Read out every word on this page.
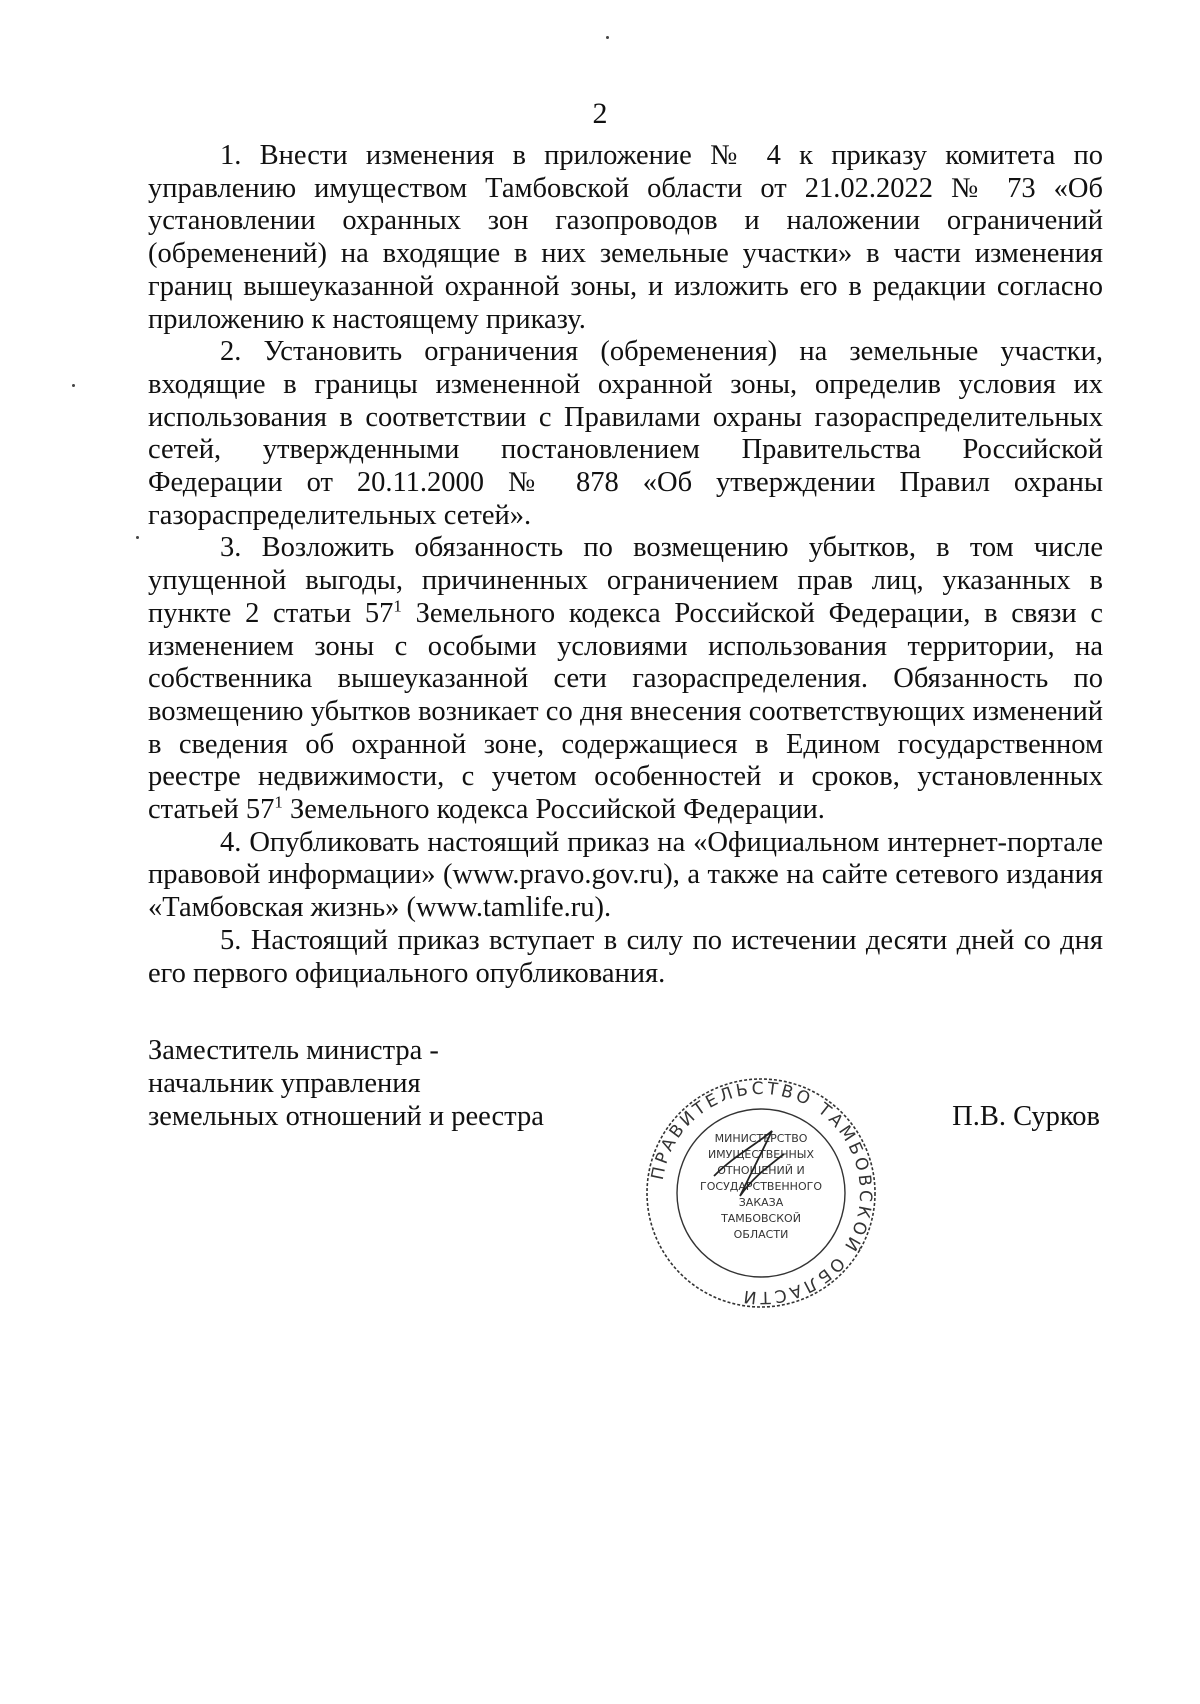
2

1. Внести изменения в приложение № 4 к приказу комитета по управлению имуществом Тамбовской области от 21.02.2022 № 73 «Об установлении охранных зон газопроводов и наложении ограничений (обременений) на входящие в них земельные участки» в части изменения границ вышеуказанной охранной зоны, и изложить его в редакции согласно приложению к настоящему приказу.

2. Установить ограничения (обременения) на земельные участки, входящие в границы измененной охранной зоны, определив условия их использования в соответствии с Правилами охраны газораспределительных сетей, утвержденными постановлением Правительства Российской Федерации от 20.11.2000 № 878 «Об утверждении Правил охраны газораспределительных сетей».

3. Возложить обязанность по возмещению убытков, в том числе упущенной выгоды, причиненных ограничением прав лиц, указанных в пункте 2 статьи $57^1$ Земельного кодекса Российской Федерации, в связи с изменением зоны с особыми условиями использования территории, на собственника вышеуказанной сети газораспределения. Обязанность по возмещению убытков возникает со дня внесения соответствующих изменений в сведения об охранной зоне, содержащиеся в Едином государственном реестре недвижимости, с учетом особенностей и сроков, установленных статьей $57^1$ Земельного кодекса Российской Федерации.

4. Опубликовать настоящий приказ на «Официальном интернет-портале правовой информации» (www.pravo.gov.ru), а также на сайте сетевого издания «Тамбовская жизнь» (www.tamlife.ru).

5. Настоящий приказ вступает в силу по истечении десяти дней со дня его первого официального опубликования.

Заместитель министра -
начальник управления
земельных отношений и реестра
ПРАВИТЕЛЬСТВО ТАМБОВСКОЙ ОБЛАСТИ
МИНИСТЕРСТВО
ИМУЩЕСТВЕННЫХ
ОТНОШЕНИЙ И
ГОСУДАРСТВЕННОГО
ЗАКАЗА
ТАМБОВСКОЙ
ОБЛАСТИ
П.В. Сурков
